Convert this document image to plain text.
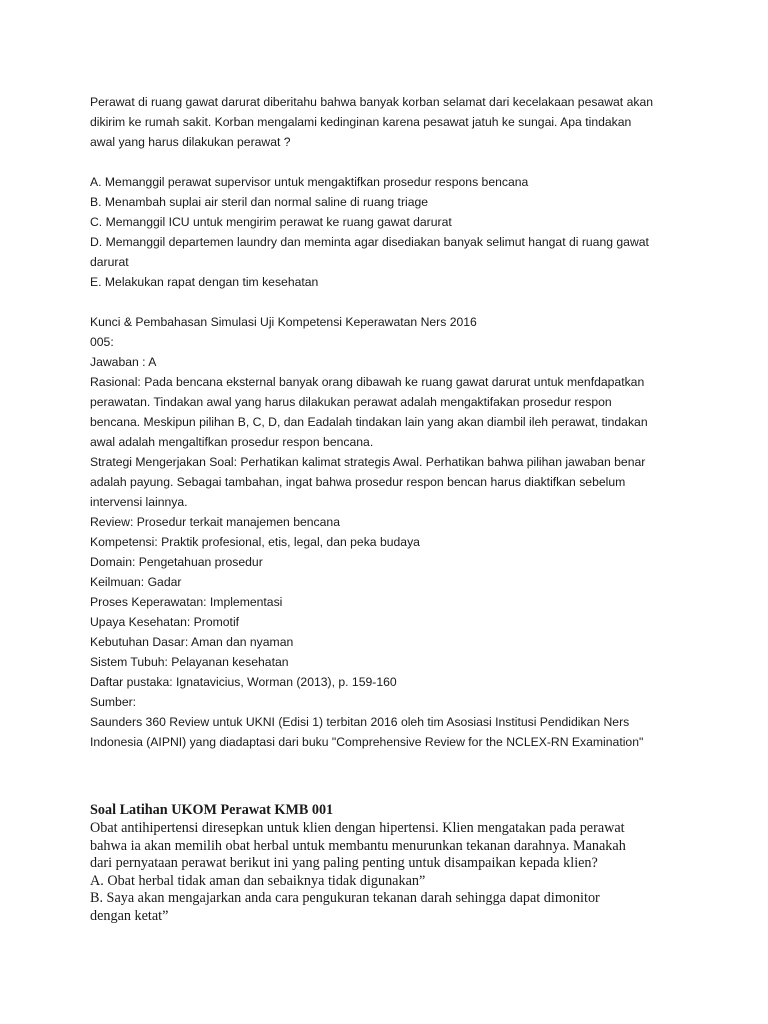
Perawat di ruang gawat darurat diberitahu bahwa banyak korban selamat dari kecelakaan pesawat akan
dikirim ke rumah sakit. Korban mengalami kedinginan karena pesawat jatuh ke sungai. Apa tindakan
awal yang harus dilakukan perawat ?
A. Memanggil perawat supervisor untuk mengaktifkan prosedur respons bencana
B. Menambah suplai air steril dan normal saline di ruang triage
C. Memanggil ICU untuk mengirim perawat ke ruang gawat darurat
D. Memanggil departemen laundry dan meminta agar disediakan banyak selimut hangat di ruang gawat
darurat
E. Melakukan rapat dengan tim kesehatan
Kunci & Pembahasan Simulasi Uji Kompetensi Keperawatan Ners 2016
005:
Jawaban : A
Rasional: Pada bencana eksternal banyak orang dibawah ke ruang gawat darurat untuk menfdapatkan
perawatan. Tindakan awal yang harus dilakukan perawat adalah mengaktifakan prosedur respon
bencana. Meskipun pilihan B, C, D, dan Eadalah tindakan lain yang akan diambil ileh perawat, tindakan
awal adalah mengaltifkan prosedur respon bencana.
Strategi Mengerjakan Soal: Perhatikan kalimat strategis Awal. Perhatikan bahwa pilihan jawaban benar
adalah payung. Sebagai tambahan, ingat bahwa prosedur respon bencan harus diaktifkan sebelum
intervensi lainnya.
Review: Prosedur terkait manajemen bencana
Kompetensi: Praktik profesional, etis, legal, dan peka budaya
Domain: Pengetahuan prosedur
Keilmuan: Gadar
Proses Keperawatan: Implementasi
Upaya Kesehatan: Promotif
Kebutuhan Dasar: Aman dan nyaman
Sistem Tubuh: Pelayanan kesehatan
Daftar pustaka: Ignatavicius, Worman (2013), p. 159-160
Sumber:
Saunders 360 Review untuk UKNI (Edisi 1) terbitan 2016 oleh tim Asosiasi Institusi Pendidikan Ners
Indonesia (AIPNI) yang diadaptasi dari buku "Comprehensive Review for the NCLEX-RN Examination"
Soal Latihan UKOM Perawat KMB 001
Obat antihipertensi diresepkan untuk klien dengan hipertensi. Klien mengatakan pada perawat
bahwa ia akan memilih obat herbal untuk membantu menurunkan tekanan darahnya. Manakah
dari pernyataan perawat berikut ini yang paling penting untuk disampaikan kepada klien?
A. Obat herbal tidak aman dan sebaiknya tidak digunakan”
B. Saya akan mengajarkan anda cara pengukuran tekanan darah sehingga dapat dimonitor
dengan ketat”
